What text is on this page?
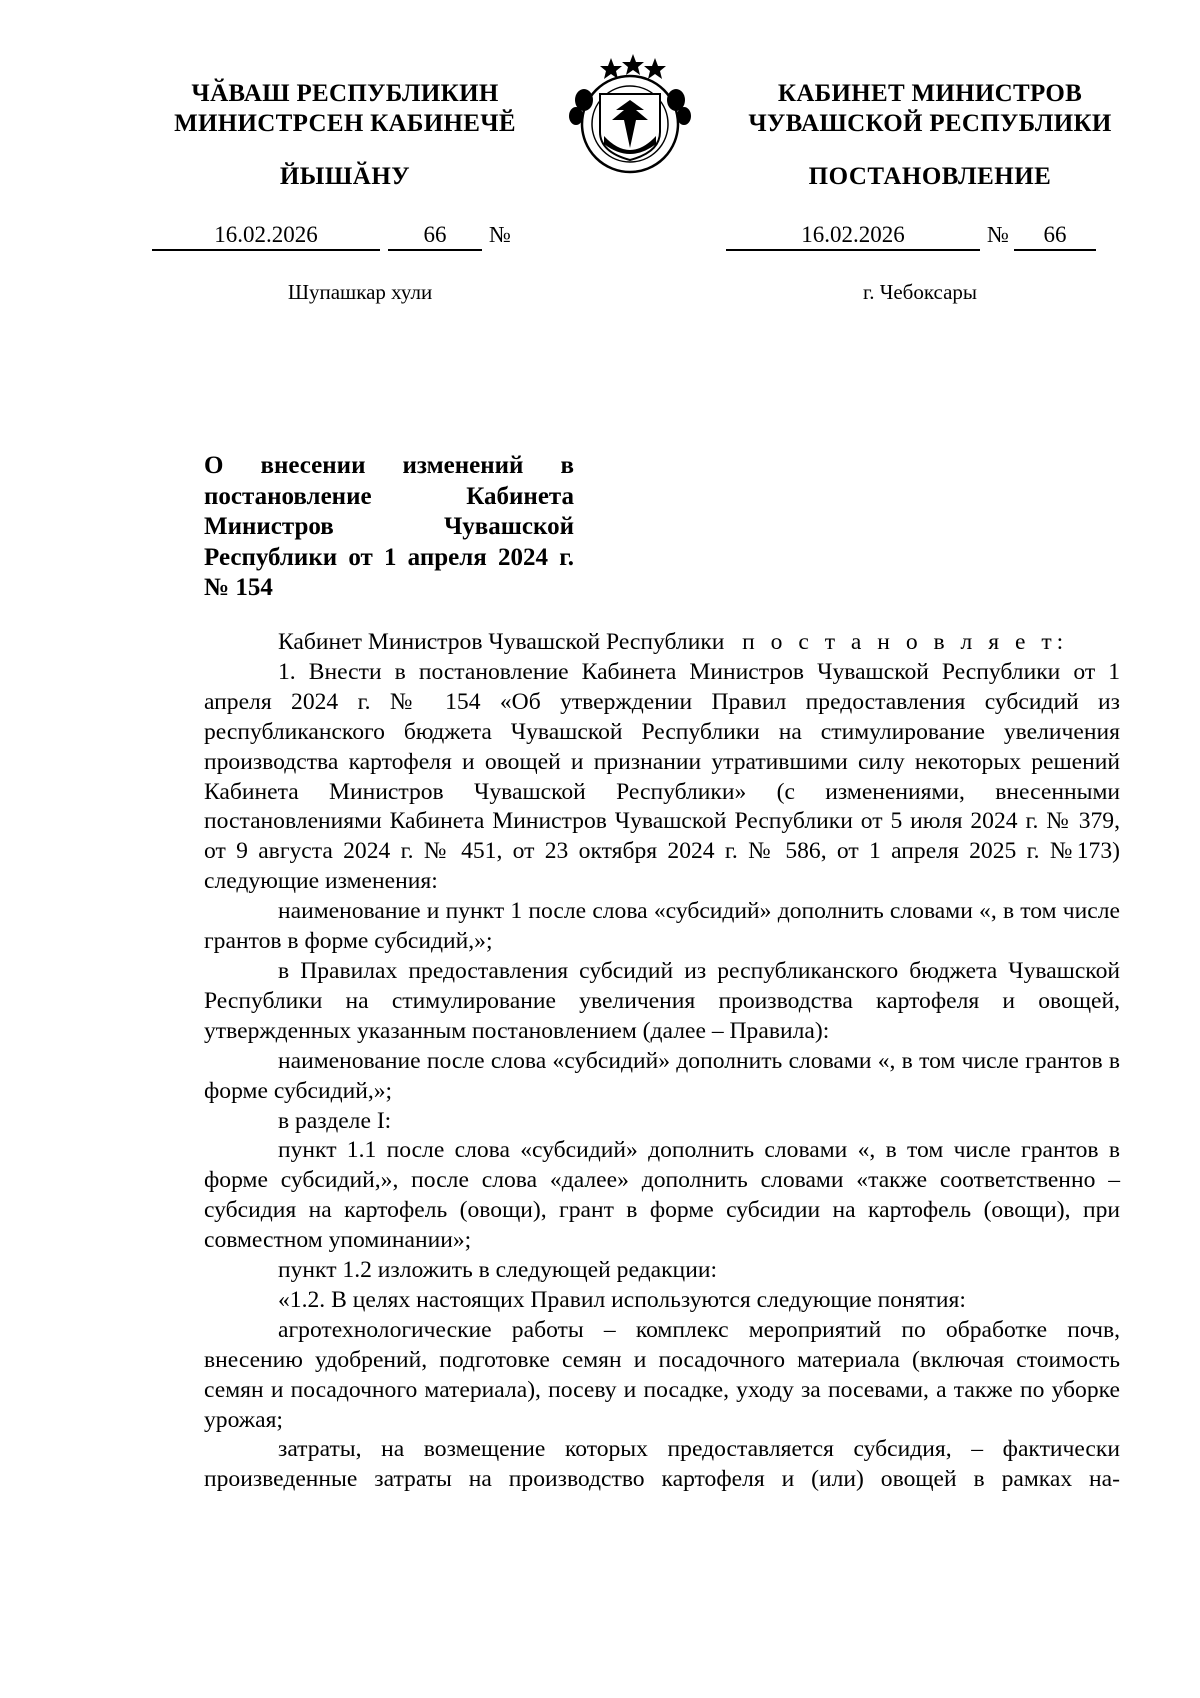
ЧӐВАШ РЕСПУБЛИКИН
МИНИСТРСЕН КАБИНЕЧӖ
КАБИНЕТ МИНИСТРОВ
ЧУВАШСКОЙ РЕСПУБЛИКИ
ЙЫШӐНУ	ПОСТАНОВЛЕНИЕ
16.02.2026	66	№	16.02.2026	№	66
Шупашкар хули	г. Чебоксары
О внесении изменений в постановление Кабинета Министров Чувашской Республики от 1 апреля 2024 г. № 154

Кабинет Министров Чувашской Республики п о с т а н о в л я е т:

1. Внести в постановление Кабинета Министров Чувашской Республики от 1 апреля 2024 г. № 154 «Об утверждении Правил предоставления субсидий из республиканского бюджета Чувашской Республики на стимулирование увеличения производства картофеля и овощей и признании утратившими силу некоторых решений Кабинета Министров Чувашской Республики» (с изменениями, внесенными постановлениями Кабинета Министров Чувашской Республики от 5 июля 2024 г. № 379, от 9 августа 2024 г. № 451, от 23 октября 2024 г. № 586, от 1 апреля 2025 г. №173) следующие изменения:

наименование и пункт 1 после слова «субсидий» дополнить словами «, в том числе грантов в форме субсидий,»;

в Правилах предоставления субсидий из республиканского бюджета Чувашской Республики на стимулирование увеличения производства картофеля и овощей, утвержденных указанным постановлением (далее – Правила):

наименование после слова «субсидий» дополнить словами «, в том числе грантов в форме субсидий,»;

в разделе I:

пункт 1.1 после слова «субсидий» дополнить словами «, в том числе грантов в форме субсидий,», после слова «далее» дополнить словами «также соответственно – субсидия на картофель (овощи), грант в форме субсидии на картофель (овощи), при совместном упоминании»;

пункт 1.2 изложить в следующей редакции:

«1.2. В целях настоящих Правил используются следующие понятия:

агротехнологические работы – комплекс мероприятий по обработке почв, внесению удобрений, подготовке семян и посадочного материала (включая стоимость семян и посадочного материала), посеву и посадке, уходу за посевами, а также по уборке урожая;

затраты, на возмещение которых предоставляется субсидия, – фактически произведенные затраты на производство картофеля и (или) овощей в рамках на-
